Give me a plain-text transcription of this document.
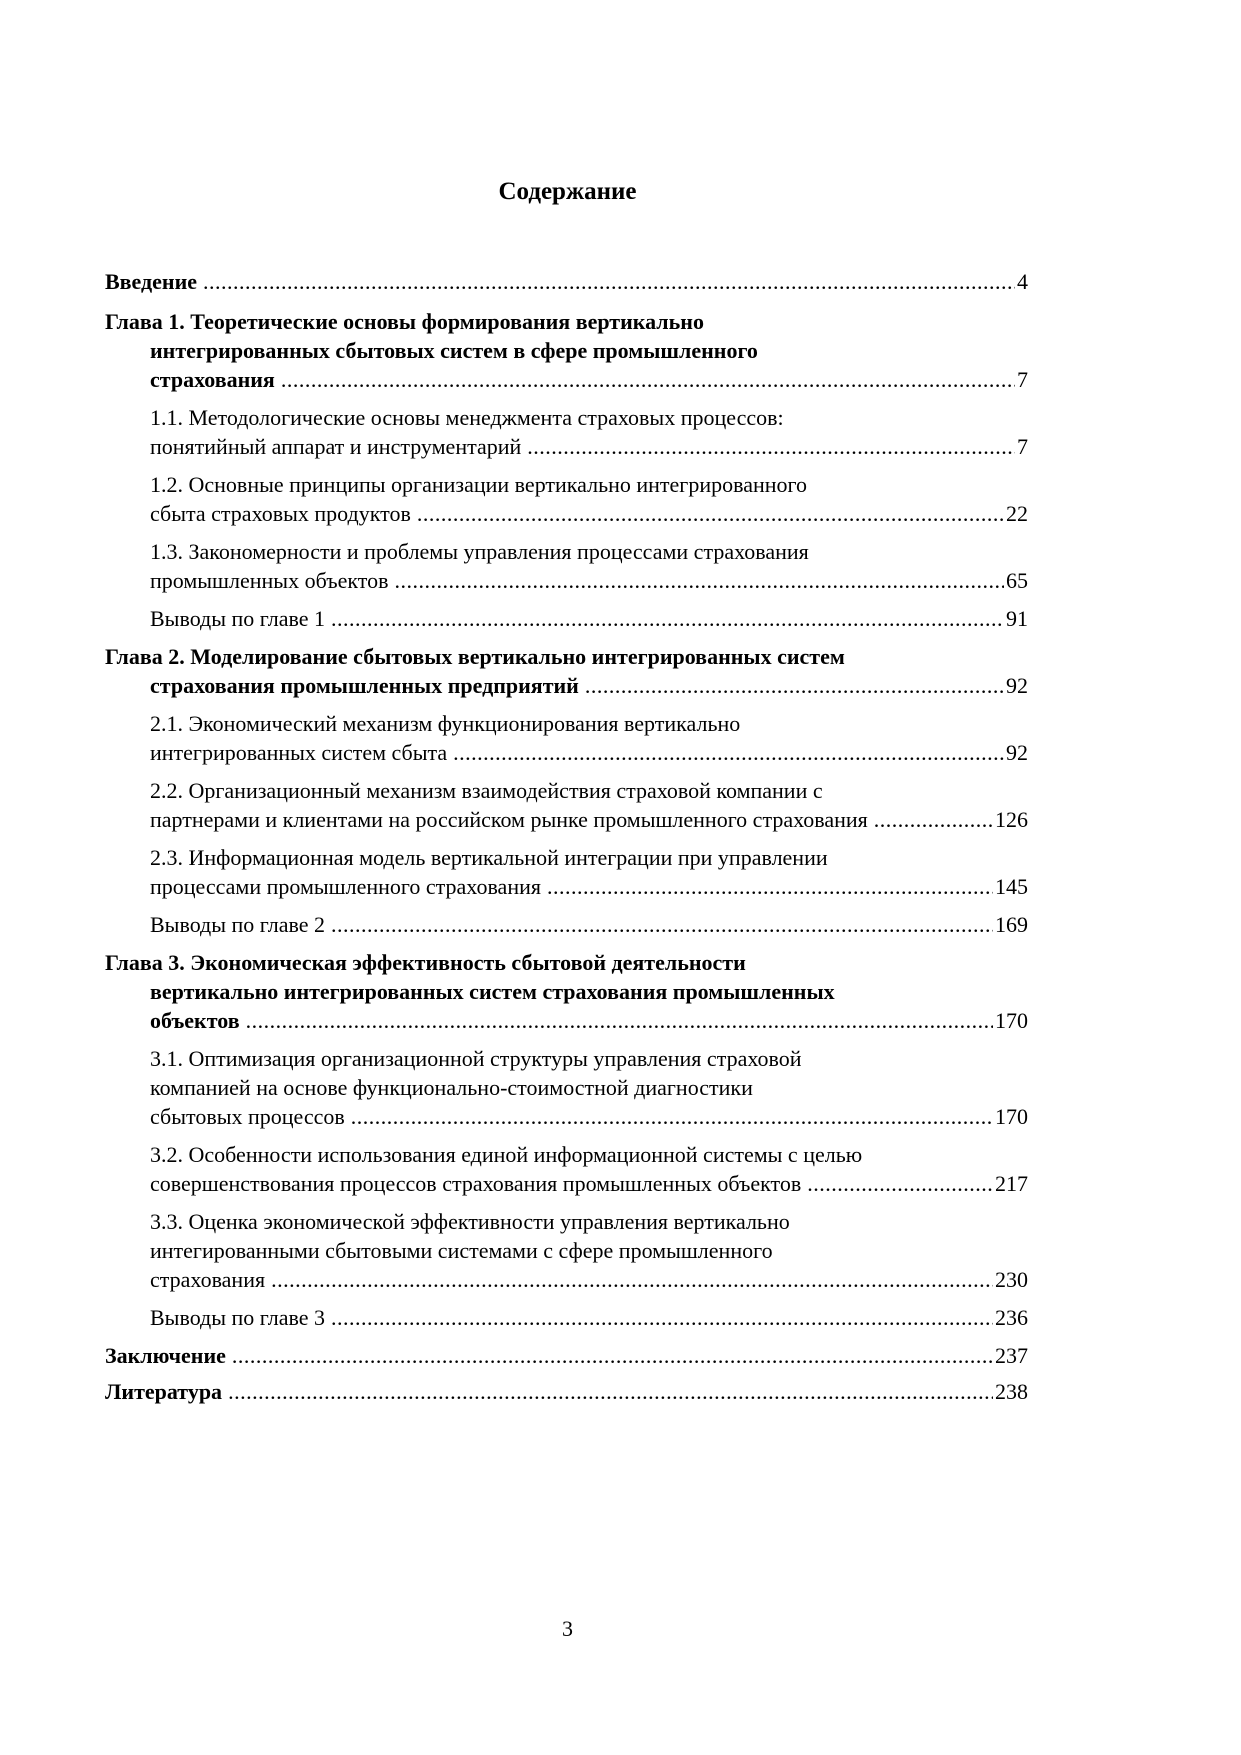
Содержание
Введение .....	4
Глава 1. Теоретические основы формирования вертикально
интегрированных сбытовых систем в сфере промышленного
страхования .....	7
1.1. Методологические основы менеджмента страховых процессов:
понятийный аппарат и инструментарий .....	7
1.2. Основные принципы организации вертикально интегрированного
сбыта страховых продуктов .....	22
1.3. Закономерности и проблемы управления процессами страхования
промышленных объектов .....	65
Выводы по главе 1 .....	91
Глава 2. Моделирование сбытовых вертикально интегрированных систем
страхования промышленных предприятий .....	92
2.1. Экономический механизм функционирования вертикально
интегрированных систем сбыта .....	92
2.2. Организационный механизм взаимодействия страховой компании с
партнерами и клиентами на российском рынке промышленного страхования .....	126
2.3. Информационная модель вертикальной интеграции при управлении
процессами промышленного страхования .....	145
Выводы по главе 2 .....	169
Глава 3. Экономическая эффективность сбытовой деятельности
вертикально интегрированных систем страхования промышленных
объектов .....	170
3.1. Оптимизация организационной структуры управления страховой
компанией на основе функционально-стоимостной диагностики
сбытовых процессов .....	170
3.2. Особенности использования единой информационной системы с целью
совершенствования процессов страхования промышленных объектов .....	217
3.3. Оценка экономической эффективности управления вертикально
интегированными сбытовыми системами с сфере промышленного
страхования .....	230
Выводы по главе 3 .....	236
Заключение .....	237
Литература .....	238
3
